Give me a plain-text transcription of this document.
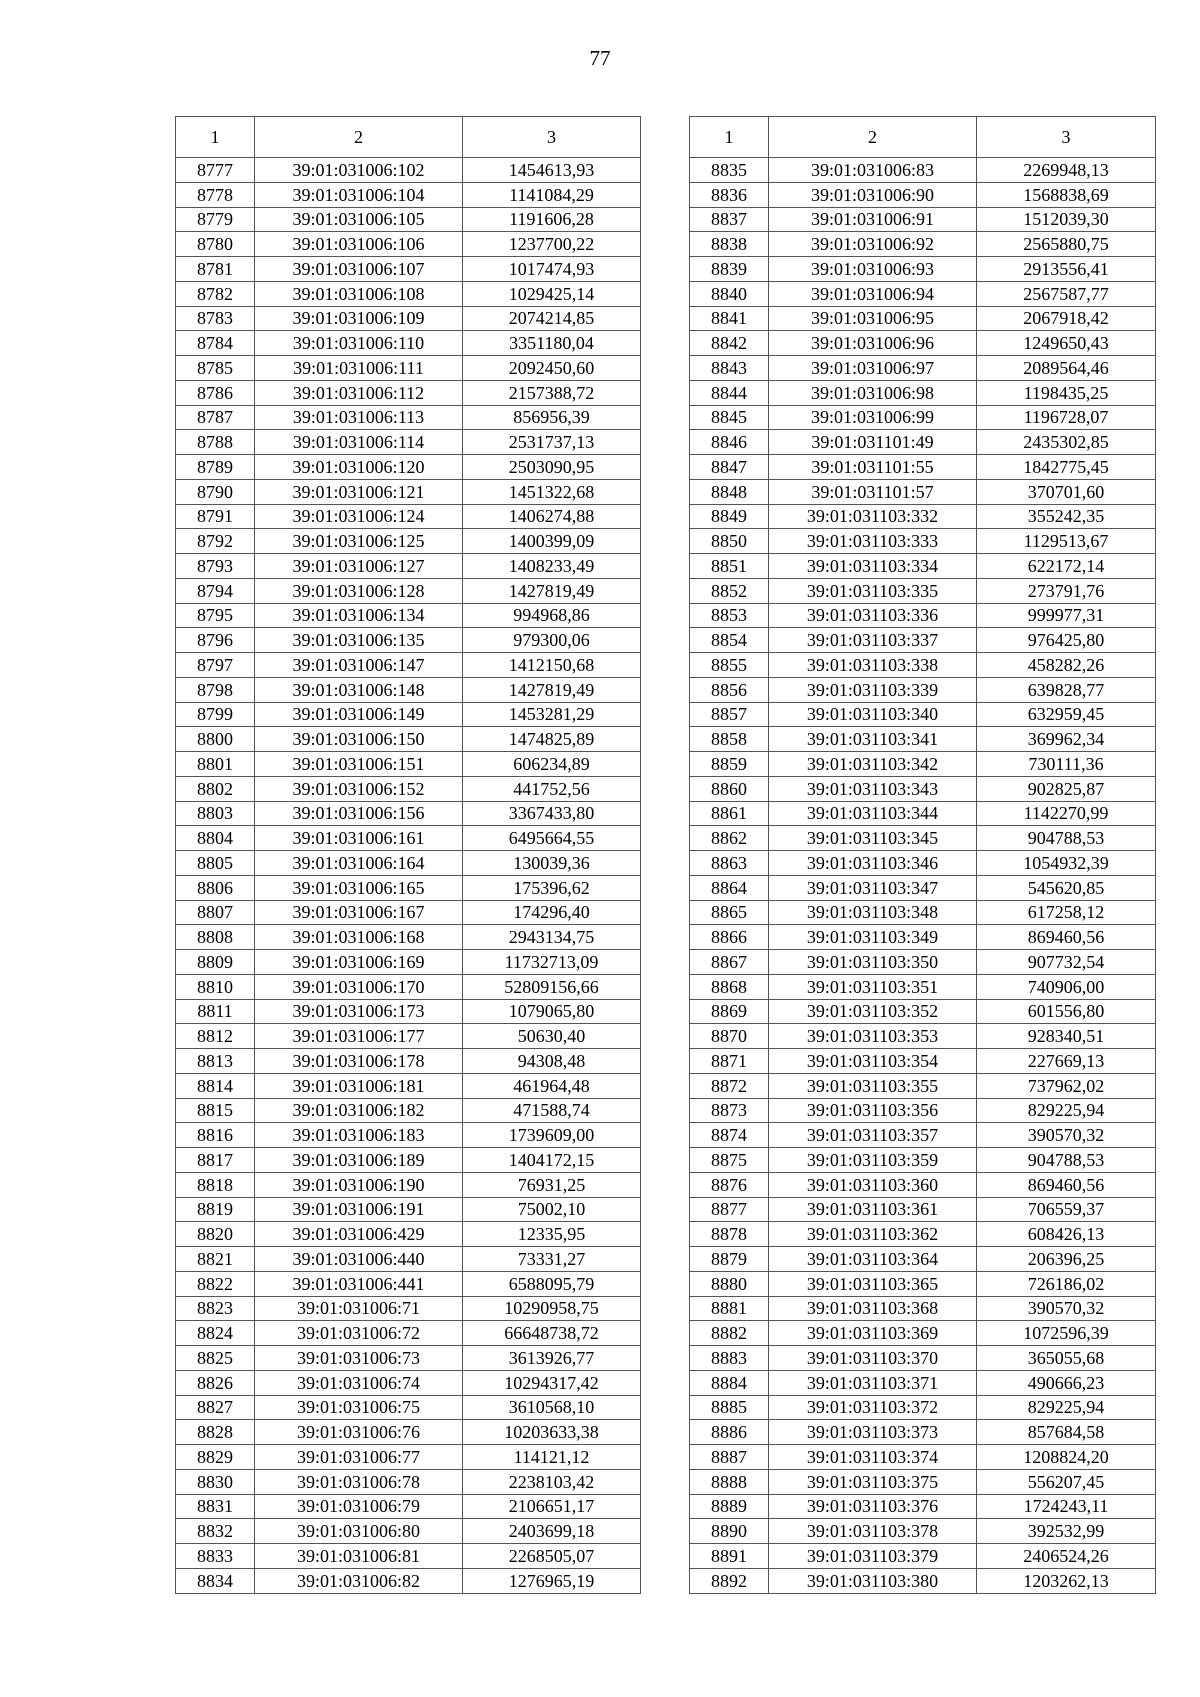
77
1	2	3
8777	39:01:031006:102	1454613,93
8778	39:01:031006:104	1141084,29
8779	39:01:031006:105	1191606,28
8780	39:01:031006:106	1237700,22
8781	39:01:031006:107	1017474,93
8782	39:01:031006:108	1029425,14
8783	39:01:031006:109	2074214,85
8784	39:01:031006:110	3351180,04
8785	39:01:031006:111	2092450,60
8786	39:01:031006:112	2157388,72
8787	39:01:031006:113	856956,39
8788	39:01:031006:114	2531737,13
8789	39:01:031006:120	2503090,95
8790	39:01:031006:121	1451322,68
8791	39:01:031006:124	1406274,88
8792	39:01:031006:125	1400399,09
8793	39:01:031006:127	1408233,49
8794	39:01:031006:128	1427819,49
8795	39:01:031006:134	994968,86
8796	39:01:031006:135	979300,06
8797	39:01:031006:147	1412150,68
8798	39:01:031006:148	1427819,49
8799	39:01:031006:149	1453281,29
8800	39:01:031006:150	1474825,89
8801	39:01:031006:151	606234,89
8802	39:01:031006:152	441752,56
8803	39:01:031006:156	3367433,80
8804	39:01:031006:161	6495664,55
8805	39:01:031006:164	130039,36
8806	39:01:031006:165	175396,62
8807	39:01:031006:167	174296,40
8808	39:01:031006:168	2943134,75
8809	39:01:031006:169	11732713,09
8810	39:01:031006:170	52809156,66
8811	39:01:031006:173	1079065,80
8812	39:01:031006:177	50630,40
8813	39:01:031006:178	94308,48
8814	39:01:031006:181	461964,48
8815	39:01:031006:182	471588,74
8816	39:01:031006:183	1739609,00
8817	39:01:031006:189	1404172,15
8818	39:01:031006:190	76931,25
8819	39:01:031006:191	75002,10
8820	39:01:031006:429	12335,95
8821	39:01:031006:440	73331,27
8822	39:01:031006:441	6588095,79
8823	39:01:031006:71	10290958,75
8824	39:01:031006:72	66648738,72
8825	39:01:031006:73	3613926,77
8826	39:01:031006:74	10294317,42
8827	39:01:031006:75	3610568,10
8828	39:01:031006:76	10203633,38
8829	39:01:031006:77	114121,12
8830	39:01:031006:78	2238103,42
8831	39:01:031006:79	2106651,17
8832	39:01:031006:80	2403699,18
8833	39:01:031006:81	2268505,07
8834	39:01:031006:82	1276965,19
1	2	3
8835	39:01:031006:83	2269948,13
8836	39:01:031006:90	1568838,69
8837	39:01:031006:91	1512039,30
8838	39:01:031006:92	2565880,75
8839	39:01:031006:93	2913556,41
8840	39:01:031006:94	2567587,77
8841	39:01:031006:95	2067918,42
8842	39:01:031006:96	1249650,43
8843	39:01:031006:97	2089564,46
8844	39:01:031006:98	1198435,25
8845	39:01:031006:99	1196728,07
8846	39:01:031101:49	2435302,85
8847	39:01:031101:55	1842775,45
8848	39:01:031101:57	370701,60
8849	39:01:031103:332	355242,35
8850	39:01:031103:333	1129513,67
8851	39:01:031103:334	622172,14
8852	39:01:031103:335	273791,76
8853	39:01:031103:336	999977,31
8854	39:01:031103:337	976425,80
8855	39:01:031103:338	458282,26
8856	39:01:031103:339	639828,77
8857	39:01:031103:340	632959,45
8858	39:01:031103:341	369962,34
8859	39:01:031103:342	730111,36
8860	39:01:031103:343	902825,87
8861	39:01:031103:344	1142270,99
8862	39:01:031103:345	904788,53
8863	39:01:031103:346	1054932,39
8864	39:01:031103:347	545620,85
8865	39:01:031103:348	617258,12
8866	39:01:031103:349	869460,56
8867	39:01:031103:350	907732,54
8868	39:01:031103:351	740906,00
8869	39:01:031103:352	601556,80
8870	39:01:031103:353	928340,51
8871	39:01:031103:354	227669,13
8872	39:01:031103:355	737962,02
8873	39:01:031103:356	829225,94
8874	39:01:031103:357	390570,32
8875	39:01:031103:359	904788,53
8876	39:01:031103:360	869460,56
8877	39:01:031103:361	706559,37
8878	39:01:031103:362	608426,13
8879	39:01:031103:364	206396,25
8880	39:01:031103:365	726186,02
8881	39:01:031103:368	390570,32
8882	39:01:031103:369	1072596,39
8883	39:01:031103:370	365055,68
8884	39:01:031103:371	490666,23
8885	39:01:031103:372	829225,94
8886	39:01:031103:373	857684,58
8887	39:01:031103:374	1208824,20
8888	39:01:031103:375	556207,45
8889	39:01:031103:376	1724243,11
8890	39:01:031103:378	392532,99
8891	39:01:031103:379	2406524,26
8892	39:01:031103:380	1203262,13
